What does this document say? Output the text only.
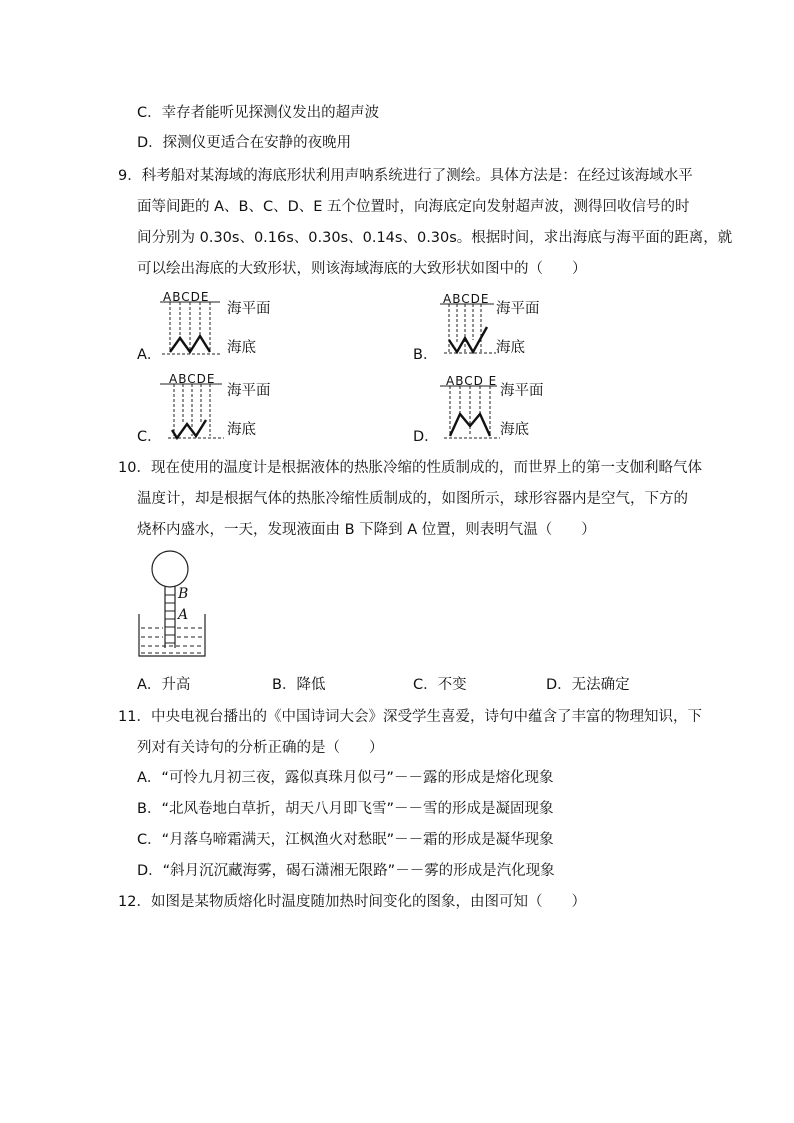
C．幸存者能听见探测仪发出的超声波
D．探测仪更适合在安静的夜晚用
9．科考船对某海域的海底形状利用声呐系统进行了测绘。具体方法是：在经过该海域水平
面等间距的 A、B、C、D、E 五个位置时，向海底定向发射超声波，测得回收信号的时
间分别为 0.30s、0.16s、0.30s、0.14s、0.30s。根据时间，求出海底与海平面的距离，就
可以绘出海底的大致形状，则该海域海底的大致形状如图中的（　　）
A．
ABCDE
海平面
海底	B．
ABCDE
海平面
海底
C．
ABCDE
海平面
海底	D．
ABCD E
海平面
海底
10．现在使用的温度计是根据液体的热胀冷缩的性质制成的，而世界上的第一支伽利略气体
温度计，却是根据气体的热胀冷缩性质制成的，如图所示，球形容器内是空气，下方的
烧杯内盛水，一天，发现液面由 B 下降到 A 位置，则表明气温（　　）
B
A
A．升高	B．降低	C．不变	D．无法确定
11．中央电视台播出的《中国诗词大会》深受学生喜爱，诗句中蕴含了丰富的物理知识，下
列对有关诗句的分析正确的是（　　）
A．“可怜九月初三夜，露似真珠月似弓”－－露的形成是熔化现象
B．“北风卷地白草折，胡天八月即飞雪”－－雪的形成是凝固现象
C．“月落乌啼霜满天，江枫渔火对愁眠”－－霜的形成是凝华现象
D．“斜月沉沉藏海雾，碣石潇湘无限路”－－雾的形成是汽化现象
12．如图是某物质熔化时温度随加热时间变化的图象，由图可知（　　）
